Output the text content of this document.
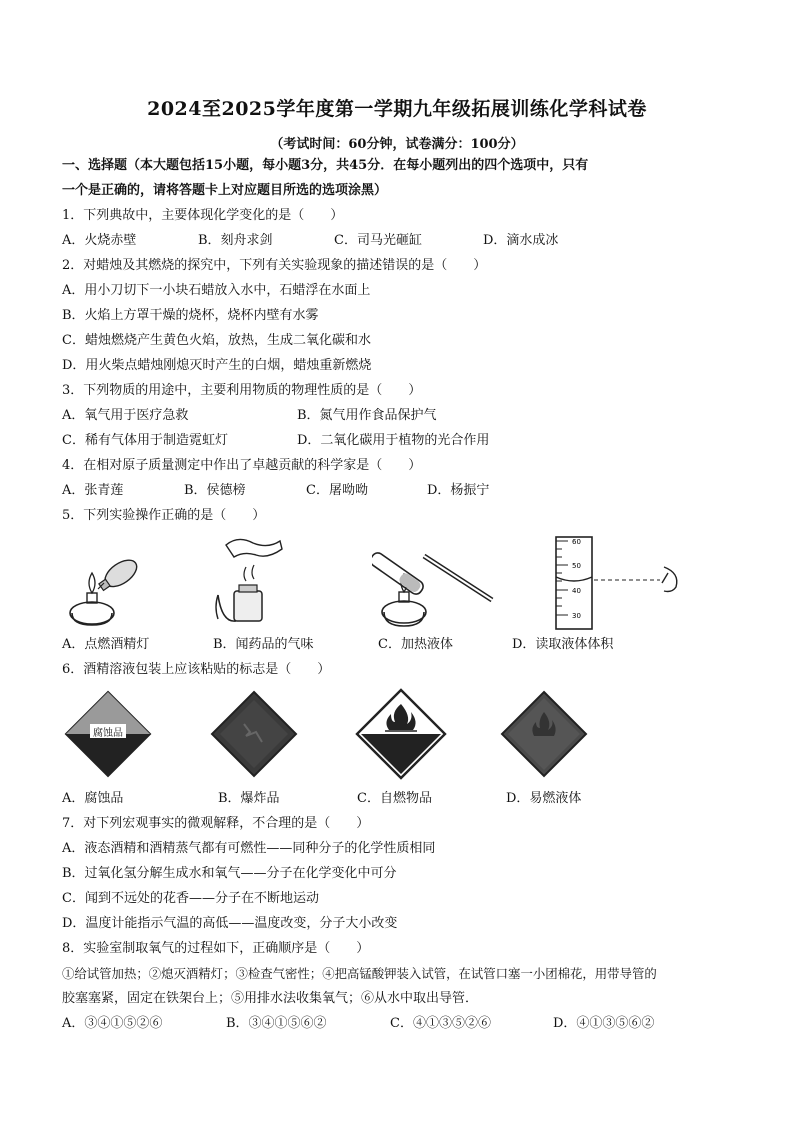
2024至2025学年度第一学期九年级拓展训练化学科试卷
（考试时间：60分钟，试卷满分：100分）
一、选择题（本大题包括15小题，每小题3分，共45分．在每小题列出的四个选项中，只有
一个是正确的，请将答题卡上对应题目所选的选项涂黑）
1．下列典故中，主要体现化学变化的是（　　）
A．火烧赤壁	B．刻舟求剑	C．司马光砸缸	D．滴水成冰
2．对蜡烛及其燃烧的探究中，下列有关实验现象的描述错误的是（　　）
A．用小刀切下一小块石蜡放入水中，石蜡浮在水面上
B．火焰上方罩干燥的烧杯，烧杯内壁有水雾
C．蜡烛燃烧产生黄色火焰，放热，生成二氧化碳和水
D．用火柴点蜡烛刚熄灭时产生的白烟，蜡烛重新燃烧
3．下列物质的用途中，主要利用物质的物理性质的是（　　）
A．氧气用于医疗急救	B．氮气用作食品保护气
C．稀有气体用于制造霓虹灯	D．二氧化碳用于植物的光合作用
4．在相对原子质量测定中作出了卓越贡献的科学家是（　　）
A．张青莲	B．侯德榜	C．屠呦呦	D．杨振宁
5．下列实验操作正确的是（　　）
60
50
40
30
A．点燃酒精灯	B．闻药品的气味	C．加热液体	D．读取液体体积
6．酒精溶液包装上应该粘贴的标志是（　　）
腐蚀品
A．腐蚀品	B．爆炸品	C．自燃物品	D．易燃液体
7．对下列宏观事实的微观解释，不合理的是（　　）
A．液态酒精和酒精蒸气都有可燃性——同种分子的化学性质相同
B．过氧化氢分解生成水和氧气——分子在化学变化中可分
C．闻到不远处的花香——分子在不断地运动
D．温度计能指示气温的高低——温度改变，分子大小改变
8．实验室制取氧气的过程如下，正确顺序是（　　）
①给试管加热；②熄灭酒精灯；③检查气密性；④把高锰酸钾装入试管，在试管口塞一小团棉花，用带导管的
胶塞塞紧，固定在铁架台上；⑤用排水法收集氧气；⑥从水中取出导管．
A．③④①⑤②⑥	B．③④①⑤⑥②	C．④①③⑤②⑥	D．④①③⑤⑥②
